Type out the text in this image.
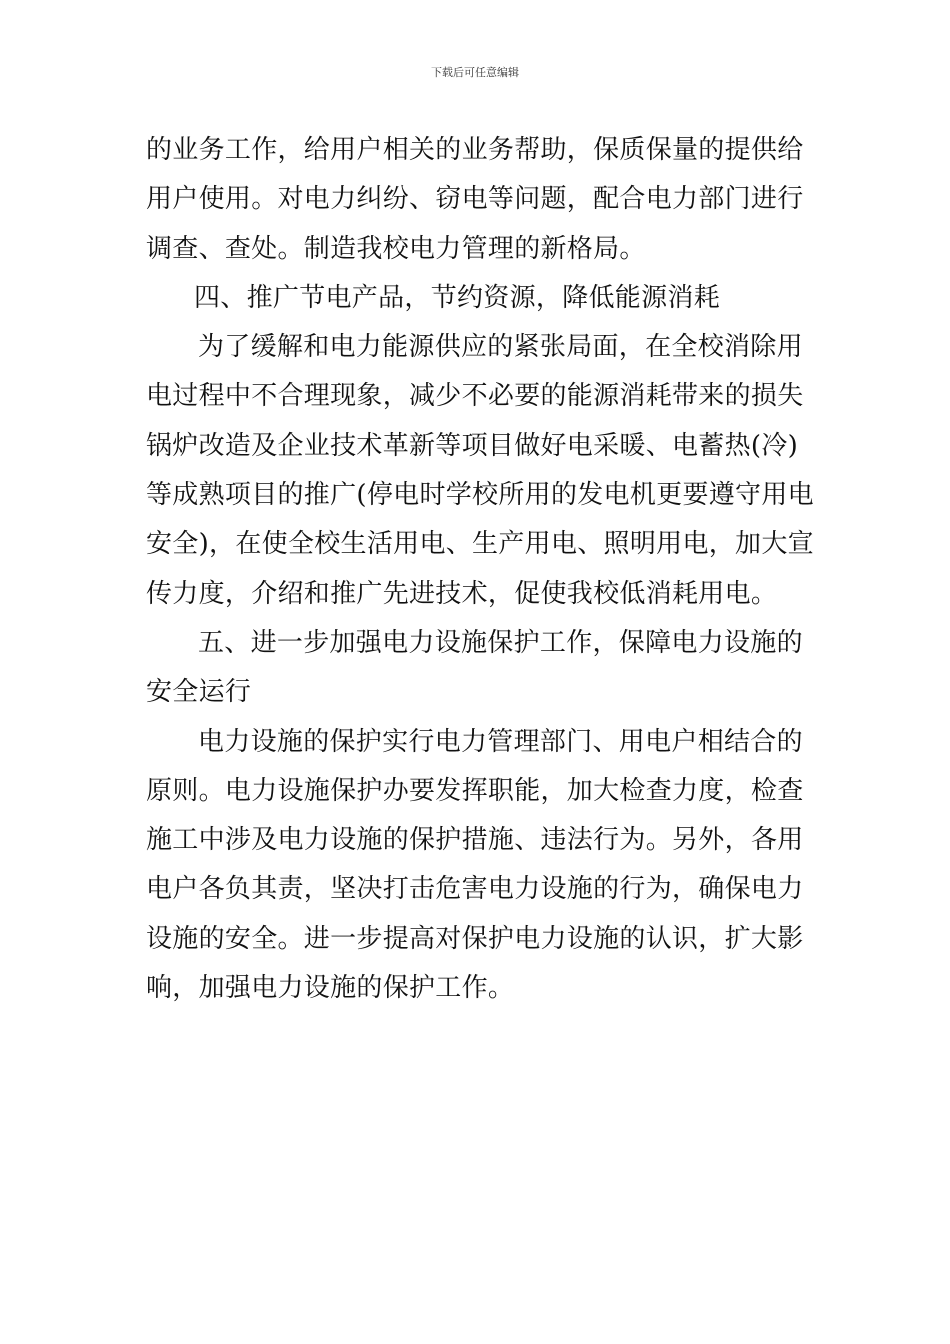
下载后可任意编辑
的业务工作，给用户相关的业务帮助，保质保量的提供给
用户使用。对电力纠纷、窃电等问题，配合电力部门进行
调查、查处。制造我校电力管理的新格局。
四、推广节电产品，节约资源，降低能源消耗
为了缓解和电力能源供应的紧张局面，在全校消除用
电过程中不合理现象，减少不必要的能源消耗带来的损失
锅炉改造及企业技术革新等项目做好电采暖、电蓄热(冷)
等成熟项目的推广(停电时学校所用的发电机更要遵守用电
安全)，在使全校生活用电、生产用电、照明用电，加大宣
传力度，介绍和推广先进技术，促使我校低消耗用电。
五、进一步加强电力设施保护工作，保障电力设施的
安全运行
电力设施的保护实行电力管理部门、用电户相结合的
原则。电力设施保护办要发挥职能，加大检查力度，检查
施工中涉及电力设施的保护措施、违法行为。另外，各用
电户各负其责，坚决打击危害电力设施的行为，确保电力
设施的安全。进一步提高对保护电力设施的认识，扩大影
响，加强电力设施的保护工作。
